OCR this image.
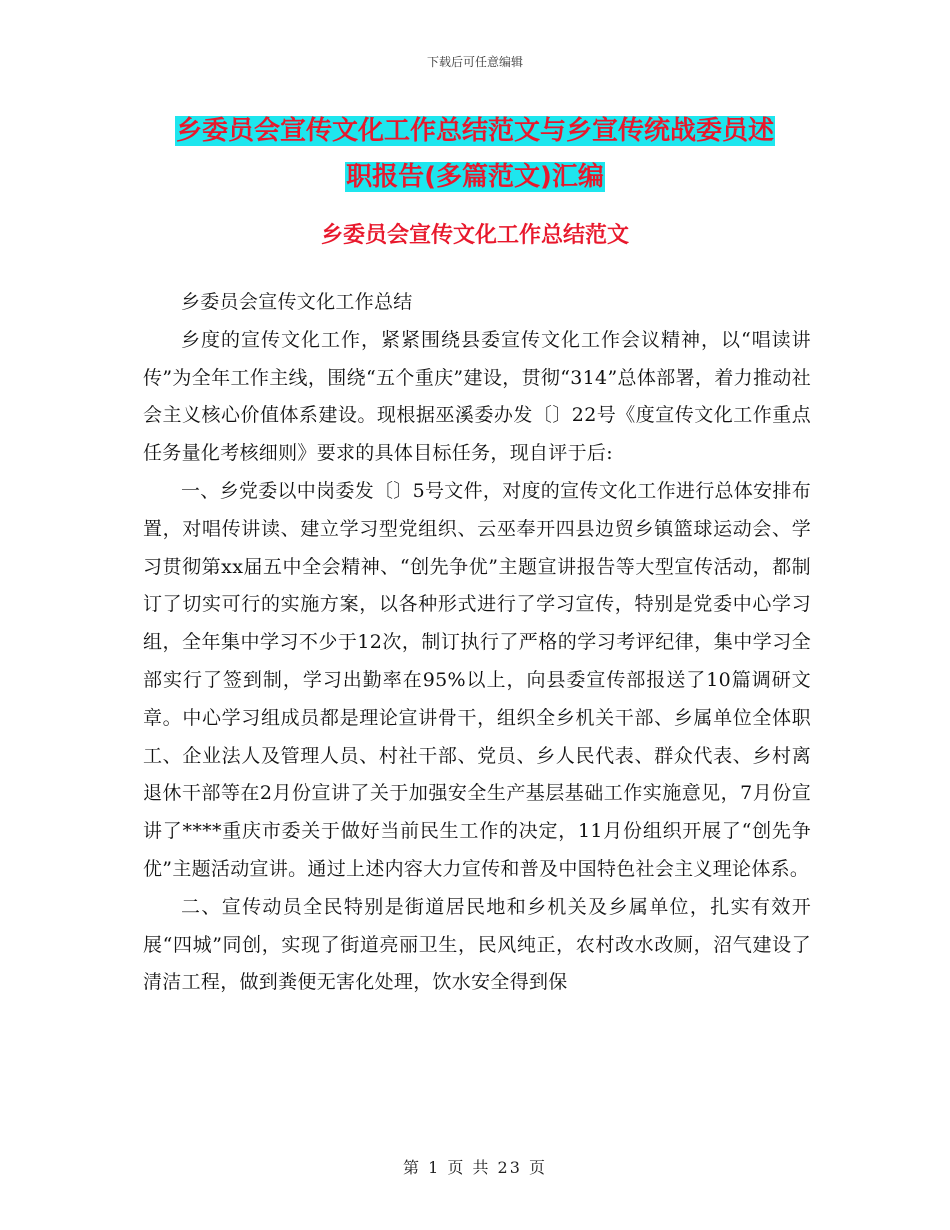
下载后可任意编辑
乡委员会宣传文化工作总结范文与乡宣传统战委员述
职报告(多篇范文)汇编
乡委员会宣传文化工作总结范文

乡委员会宣传文化工作总结

乡度的宣传文化工作，紧紧围绕县委宣传文化工作会议精神，以“唱读讲传”为全年工作主线，围绕“五个重庆”建设，贯彻“314”总体部署，着力推动社会主义核心价值体系建设。现根据巫溪委办发〔〕22号《度宣传文化工作重点任务量化考核细则》要求的具体目标任务，现自评于后:

一、乡党委以中岗委发〔〕5号文件，对度的宣传文化工作进行总体安排布置，对唱传讲读、建立学习型党组织、云巫奉开四县边贸乡镇篮球运动会、学习贯彻第xx届五中全会精神、“创先争优”主题宣讲报告等大型宣传活动，都制订了切实可行的实施方案，以各种形式进行了学习宣传，特别是党委中心学习组，全年集中学习不少于12次，制订执行了严格的学习考评纪律，集中学习全部实行了签到制，学习出勤率在95%以上，向县委宣传部报送了10篇调研文章。中心学习组成员都是理论宣讲骨干，组织全乡机关干部、乡属单位全体职工、企业法人及管理人员、村社干部、党员、乡人民代表、群众代表、乡村离退休干部等在2月份宣讲了关于加强安全生产基层基础工作实施意见，7月份宣讲了****重庆市委关于做好当前民生工作的决定，11月份组织开展了“创先争优”主题活动宣讲。通过上述内容大力宣传和普及中国特色社会主义理论体系。

二、宣传动员全民特别是街道居民地和乡机关及乡属单位，扎实有效开展“四城”同创，实现了街道亮丽卫生，民风纯正，农村改水改厕，沼气建设了清洁工程，做到粪便无害化处理，饮水安全得到保

第 1 页 共 23 页
